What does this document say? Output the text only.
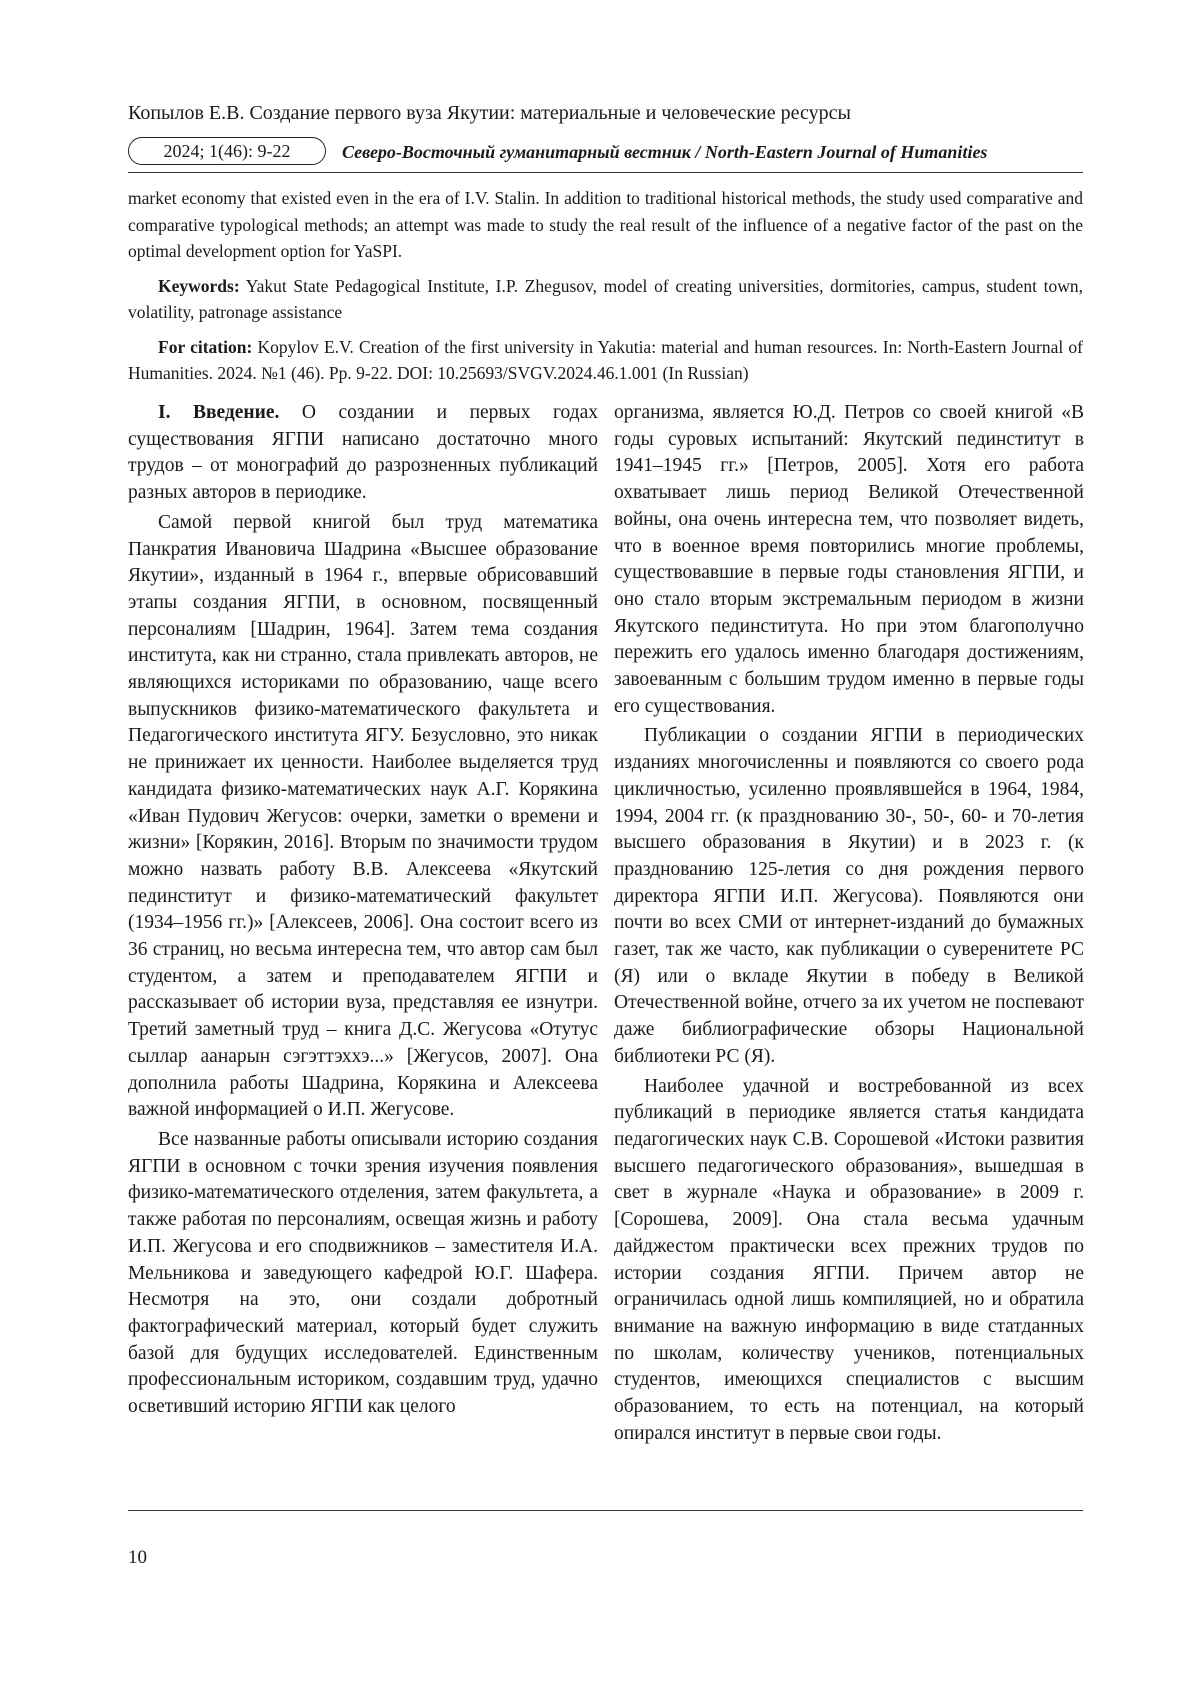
Копылов Е.В. Создание первого вуза Якутии: материальные и человеческие ресурсы
2024; 1(46): 9-22	Северо-Восточный гуманитарный вестник / North-Eastern Journal of Humanities

market economy that existed even in the era of I.V. Stalin. In addition to traditional historical methods, the study used comparative and comparative typological methods; an attempt was made to study the real result of the influence of a negative factor of the past on the optimal development option for YaSPI.

Keywords: Yakut State Pedagogical Institute, I.P. Zhegusov, model of creating universities, dormitories, campus, student town, volatility, patronage assistance

For citation: Kopylov E.V. Creation of the first university in Yakutia: material and human resources. In: North-Eastern Journal of Humanities. 2024. №1 (46). Pp. 9-22. DOI: 10.25693/SVGV.2024.46.1.001 (In Russian)

I. Введение. О создании и первых годах существования ЯГПИ написано достаточно много трудов – от монографий до разрозненных публикаций разных авторов в периодике.

Самой первой книгой был труд математика Панкратия Ивановича Шадрина «Высшее образование Якутии», изданный в 1964 г., впервые обрисовавший этапы создания ЯГПИ, в основном, посвященный персоналиям [Шадрин, 1964]. Затем тема создания института, как ни странно, стала привлекать авторов, не являющихся историками по образованию, чаще всего выпускников физико-математического факультета и Педагогического института ЯГУ. Безусловно, это никак не принижает их ценности. Наиболее выделяется труд кандидата физико-математических наук А.Г. Корякина «Иван Пудович Жегусов: очерки, заметки о времени и жизни» [Корякин, 2016]. Вторым по значимости трудом можно назвать работу В.В. Алексеева «Якутский пединститут и физико-математический факультет (1934–1956 гг.)» [Алексеев, 2006]. Она состоит всего из 36 страниц, но весьма интересна тем, что автор сам был студентом, а затем и преподавателем ЯГПИ и рассказывает об истории вуза, представляя ее изнутри. Третий заметный труд – книга Д.С. Жегусова «Отутус сыллар аанарын сэгэттэххэ...» [Жегусов, 2007]. Она дополнила работы Шадрина, Корякина и Алексеева важной информацией о И.П. Жегусове.

Все названные работы описывали историю создания ЯГПИ в основном с точки зрения изучения появления физико-математического отделения, затем факультета, а также работая по персоналиям, освещая жизнь и работу И.П. Жегусова и его сподвижников – заместителя И.А. Мельникова и заведующего кафедрой Ю.Г. Шафера. Несмотря на это, они создали добротный фактографический материал, который будет служить базой для будущих исследователей. Единственным профессиональным историком, создавшим труд, удачно осветивший историю ЯГПИ как целого

организма, является Ю.Д. Петров со своей книгой «В годы суровых испытаний: Якутский пединститут в 1941–1945 гг.» [Петров, 2005]. Хотя его работа охватывает лишь период Великой Отечественной войны, она очень интересна тем, что позволяет видеть, что в военное время повторились многие проблемы, существовавшие в первые годы становления ЯГПИ, и оно стало вторым экстремальным периодом в жизни Якутского пединститута. Но при этом благополучно пережить его удалось именно благодаря достижениям, завоеванным с большим трудом именно в первые годы его существования.

Публикации о создании ЯГПИ в периодических изданиях многочисленны и появляются со своего рода цикличностью, усиленно проявлявшейся в 1964, 1984, 1994, 2004 гг. (к празднованию 30-, 50-, 60- и 70-летия высшего образования в Якутии) и в 2023 г. (к празднованию 125-летия со дня рождения первого директора ЯГПИ И.П. Жегусова). Появляются они почти во всех СМИ от интернет-изданий до бумажных газет, так же часто, как публикации о суверенитете РС (Я) или о вкладе Якутии в победу в Великой Отечественной войне, отчего за их учетом не поспевают даже библиографические обзоры Национальной библиотеки РС (Я).

Наиболее удачной и востребованной из всех публикаций в периодике является статья кандидата педагогических наук С.В. Сорошевой «Истоки развития высшего педагогического образования», вышедшая в свет в журнале «Наука и образование» в 2009 г. [Сорошева, 2009]. Она стала весьма удачным дайджестом практически всех прежних трудов по истории создания ЯГПИ. Причем автор не ограничилась одной лишь компиляцией, но и обратила внимание на важную информацию в виде статданных по школам, количеству учеников, потенциальных студентов, имеющихся специалистов с высшим образованием, то есть на потенциал, на который опирался институт в первые свои годы.

10
